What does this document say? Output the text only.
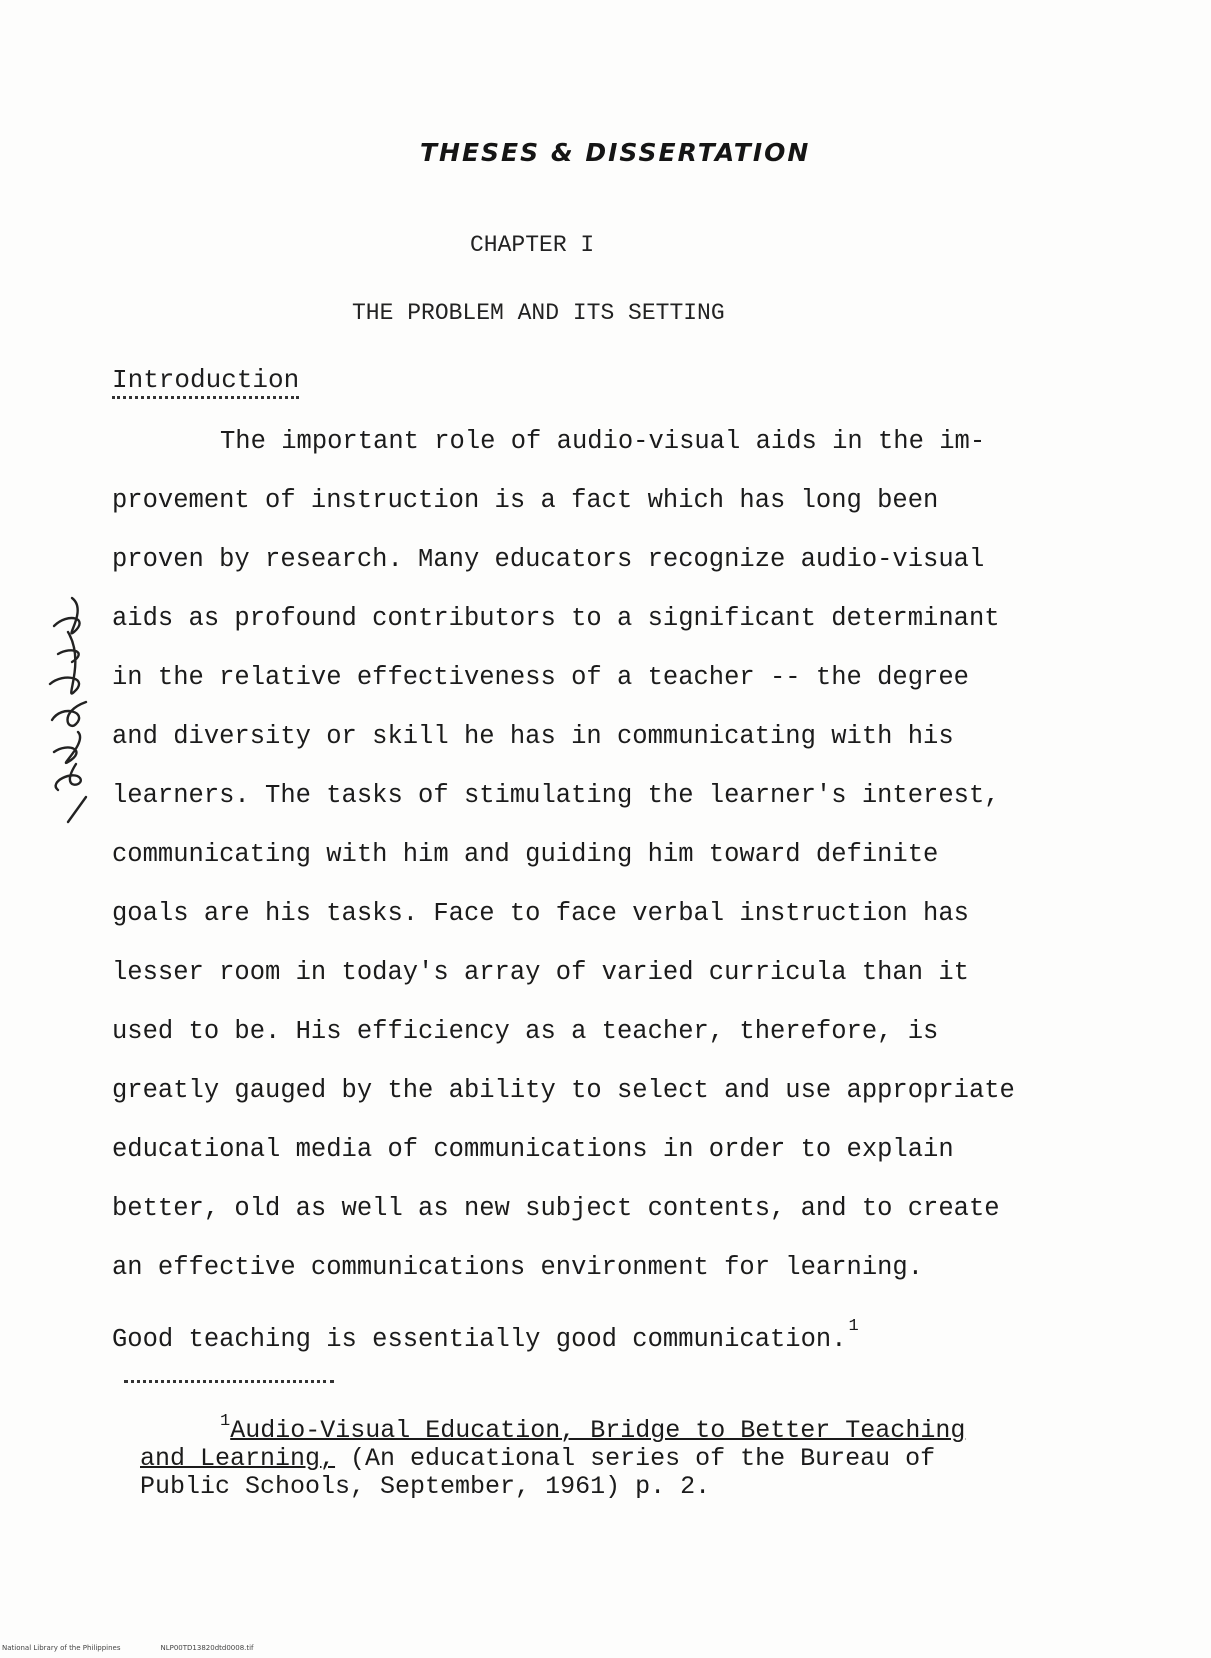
THESES & DISSERTATION
CHAPTER I
THE PROBLEM AND ITS SETTING
Introduction
The important role of audio-visual aids in the im-
provement of instruction is a fact which has long been
proven by research. Many educators recognize audio-visual
aids as profound contributors to a significant determinant
in the relative effectiveness of a teacher -- the degree
and diversity or skill he has in communicating with his
learners. The tasks of stimulating the learner's interest,
communicating with him and guiding him toward definite
goals are his tasks. Face to face verbal instruction has
lesser room in today's array of varied curricula than it
used to be. His efficiency as a teacher, therefore, is
greatly gauged by the ability to select and use appropriate
educational media of communications in order to explain
better, old as well as new subject contents, and to create
an effective communications environment for learning.
Good teaching is essentially good communication. $^1$
$^1$Audio-Visual Education, Bridge to Better Teaching
and Learning, (An educational series of the Bureau of
Public Schools, September, 1961) p. 2.
National Library of the Philippines	NLP00TD13820dtd0008.tif
